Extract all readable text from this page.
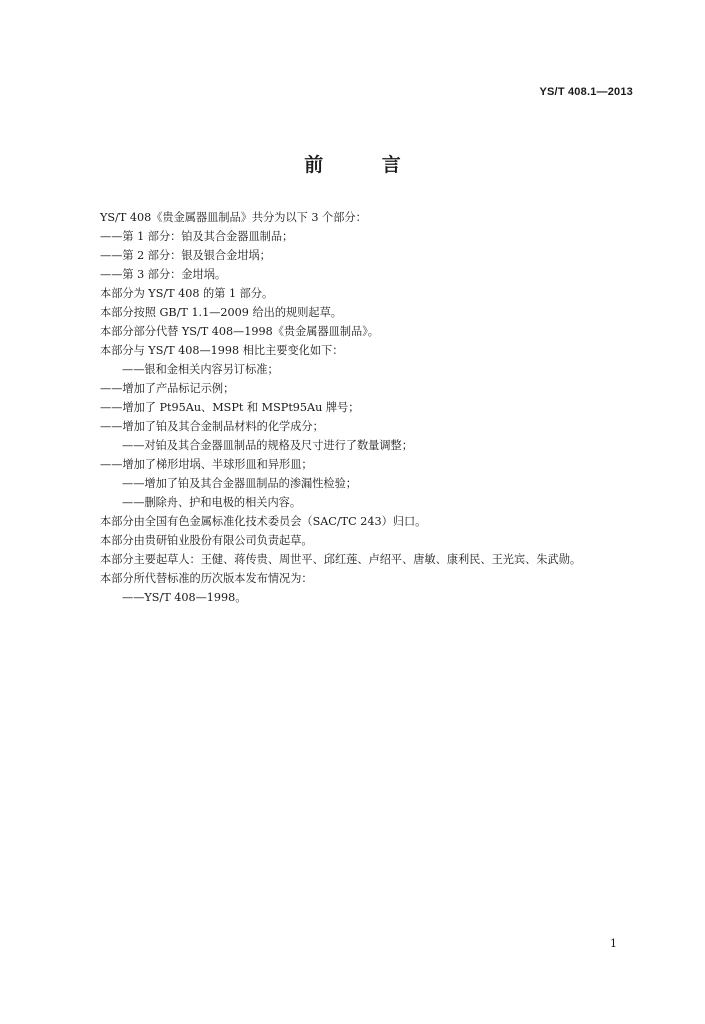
YS/T 408.1—2013
前 言
YS/T 408《贵金属器皿制品》共分为以下 3 个部分：
——第 1 部分：铂及其合金器皿制品；
——第 2 部分：银及银合金坩埚；
——第 3 部分：金坩埚。
本部分为 YS/T 408 的第 1 部分。
本部分按照 GB/T 1.1—2009 给出的规则起草。
本部分部分代替 YS/T 408—1998《贵金属器皿制品》。
本部分与 YS/T 408—1998 相比主要变化如下：
——银和金相关内容另订标准；
——增加了产品标记示例；
——增加了 Pt95Au、MSPt 和 MSPt95Au 牌号；
——增加了铂及其合金制品材料的化学成分；
——对铂及其合金器皿制品的规格及尺寸进行了数量调整；
——增加了梯形坩埚、半球形皿和异形皿；
——增加了铂及其合金器皿制品的渗漏性检验；
——删除舟、护和电极的相关内容。
本部分由全国有色金属标准化技术委员会（SAC/TC 243）归口。
本部分由贵研铂业股份有限公司负责起草。
本部分主要起草人：王健、蒋传贵、周世平、邱红莲、卢绍平、唐敏、康利民、王光宾、朱武勋。
本部分所代替标准的历次版本发布情况为：
——YS/T 408—1998。
1
